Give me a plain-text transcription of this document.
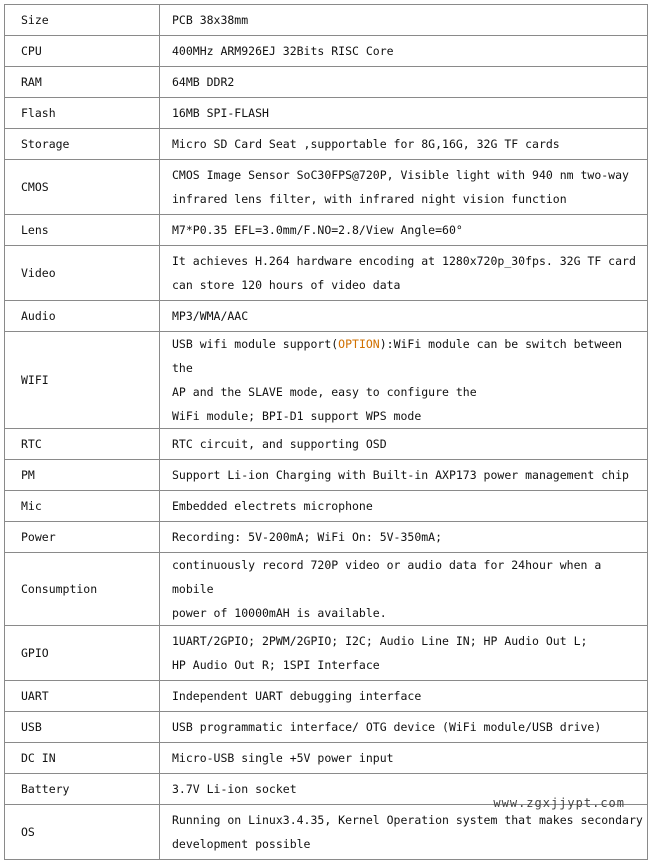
Size	PCB 38x38mm
CPU	400MHz ARM926EJ 32Bits RISC Core
RAM	64MB DDR2
Flash	16MB SPI-FLASH
Storage	Micro SD Card Seat ,supportable for 8G,16G, 32G TF cards
CMOS	CMOS Image Sensor SoC30FPS@720P, Visible light with 940 nm two-way
infrared lens filter, with infrared night vision function

Lens	M7*P0.35 EFL=3.0mm/F.NO=2.8/View Angle=60°
Video	It achieves H.264 hardware encoding at 1280x720p_30fps. 32G TF card
can store 120 hours of video data

Audio	MP3/WMA/AAC
WIFI	USB wifi module support(OPTION):WiFi module can be switch between the
AP and the SLAVE mode, easy to configure the
WiFi module; BPI-D1 support WPS mode

RTC	RTC circuit, and supporting OSD
PM	Support Li-ion Charging with Built-in AXP173 power management chip
Mic	Embedded electrets microphone
Power	Recording: 5V-200mA; WiFi On: 5V-350mA;
Consumption	continuously record 720P video or audio data for 24hour when a mobile
power of 10000mAH is available.

GPIO	1UART/2GPIO; 2PWM/2GPIO; I2C; Audio Line IN; HP Audio Out L;
HP Audio Out R; 1SPI Interface

UART	Independent UART debugging interface
USB	USB programmatic interface/ OTG device (WiFi module/USB drive)
DC IN	Micro-USB single +5V power input
Battery	3.7V Li-ion socket
OS	Running on Linux3.4.35, Kernel Operation system that makes secondary
development possible
www.zgxjjypt.com
